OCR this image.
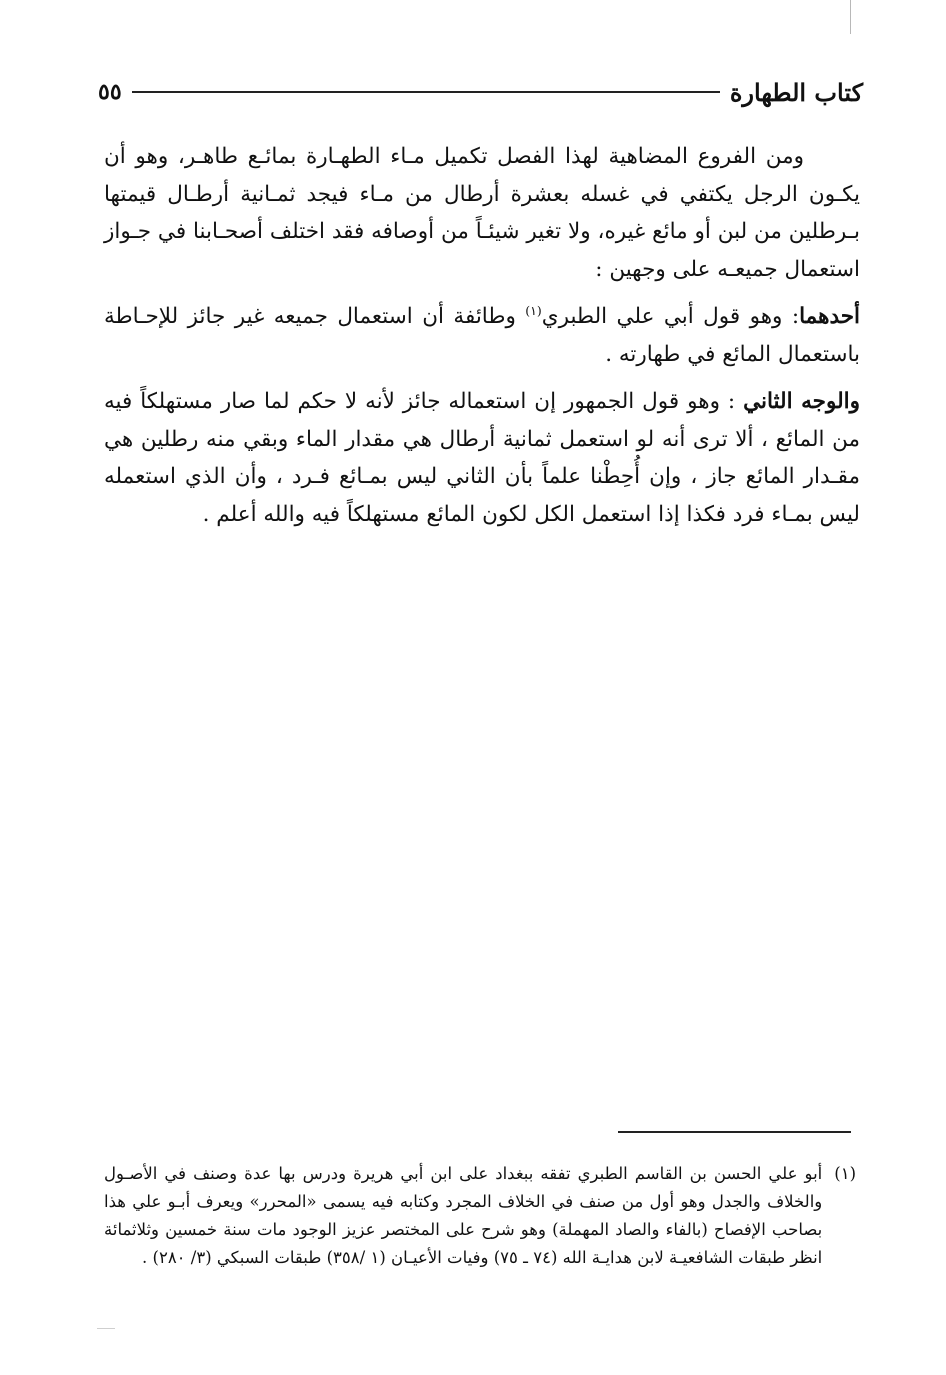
كتاب الطهارة
٥٥

ومن الفروع المضاهية لهذا الفصل تكميل مـاء الطهـارة بمائـع طاهـر، وهو أن يكـون الرجل يكتفي في غسله بعشرة أرطال من مـاء فيجد ثمـانية أرطـال قيمتها بـرطلين من لبن أو مائع غيره، ولا تغير شيئـاً من أوصافه فقد اختلف أصحـابنا في جـواز استعمال جميعـه على وجهين :

أحدهما: وهو قول أبي علي الطبري$^{(١)}$ وطائفة أن استعمال جميعه غير جائز للإحـاطة باستعمال المائع في طهارته .

والوجه الثاني : وهو قول الجمهور إن استعماله جائز لأنه لا حكم لما صار مستهلكاً فيه من المائع ، ألا ترى أنه لو استعمل ثمانية أرطال هي مقدار الماء وبقي منه رطلين هي مقـدار المائع جاز ، وإن أُحِطْنا علماً بأن الثاني ليس بمـائع فـرد ، وأن الذي استعمله ليس بمـاء فرد فكذا إذا استعمل الكل لكون المائع مستهلكاً فيه والله أعلم .

(١)
أبو علي الحسن بن القاسم الطبري تفقه ببغداد على ابن أبي هريرة ودرس بها عدة وصنف في الأصـول والخلاف والجدل وهو أول من صنف في الخلاف المجرد وكتابه فيه يسمى «المحرر» ويعرف أبـو علي هذا بصاحب الإفصاح (بالفاء والصاد المهملة) وهو شرح على المختصر عزيز الوجود مات سنة خمسين وثلاثمائة انظر طبقات الشافعيـة لابن هدايـة الله (٧٤ ـ ٧٥) وفيات الأعيـان (١ /٣٥٨) طبقات السبكي (٣/ ٢٨٠) .
